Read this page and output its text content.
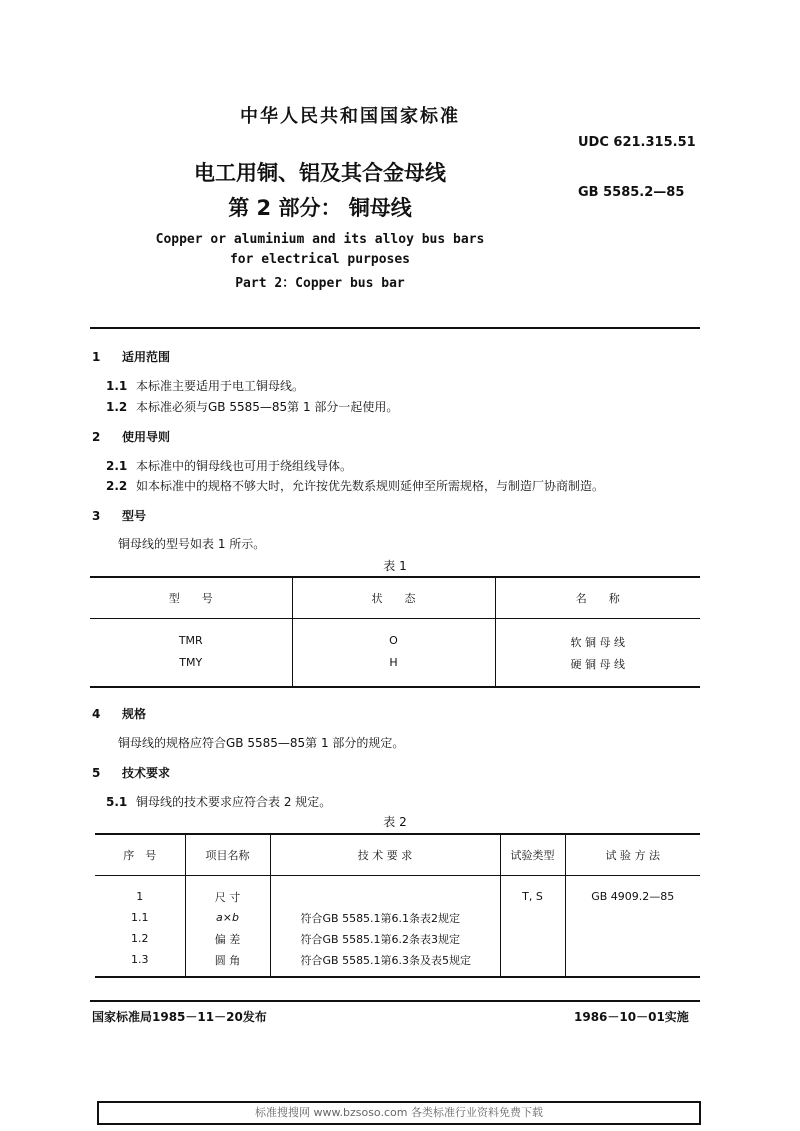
中华人民共和国国家标准
UDC 621.315.51
电工用铜、铝及其合金母线
第 2 部分： 铜母线
GB 5585.2—85
Copper or aluminium and its alloy bus bars
for electrical purposes
Part 2：Copper bus bar
1 适用范围
1.1 本标准主要适用于电工铜母线。
1.2 本标准必须与GB 5585—85第 1 部分一起使用。
2 使用导则
2.1 本标准中的铜母线也可用于绕组线导体。
2.2 如本标准中的规格不够大时，允许按优先数系规则延伸至所需规格，与制造厂协商制造。
3 型号
铜母线的型号如表 1 所示。
表 1
型　　号	状　　态	名　　称
TMR	O	软 铜 母 线
TMY	H	硬 铜 母 线
4 规格
铜母线的规格应符合GB 5585—85第 1 部分的规定。
5 技术要求
5.1 铜母线的技术要求应符合表 2 规定。
表 2
序　号	项目名称	技 术 要 求	试验类型	试 验 方 法
1	尺 寸		T, S	GB 4909.2—85
1.1	a×b	符合GB 5585.1第6.1条表2规定		
1.2	偏 差	符合GB 5585.1第6.2条表3规定		
1.3	圆 角	符合GB 5585.1第6.3条及表5规定		
国家标准局1985－11－20发布	1986－10－01实施
标准搜搜网 www.bzsoso.com 各类标准行业资料免费下载
